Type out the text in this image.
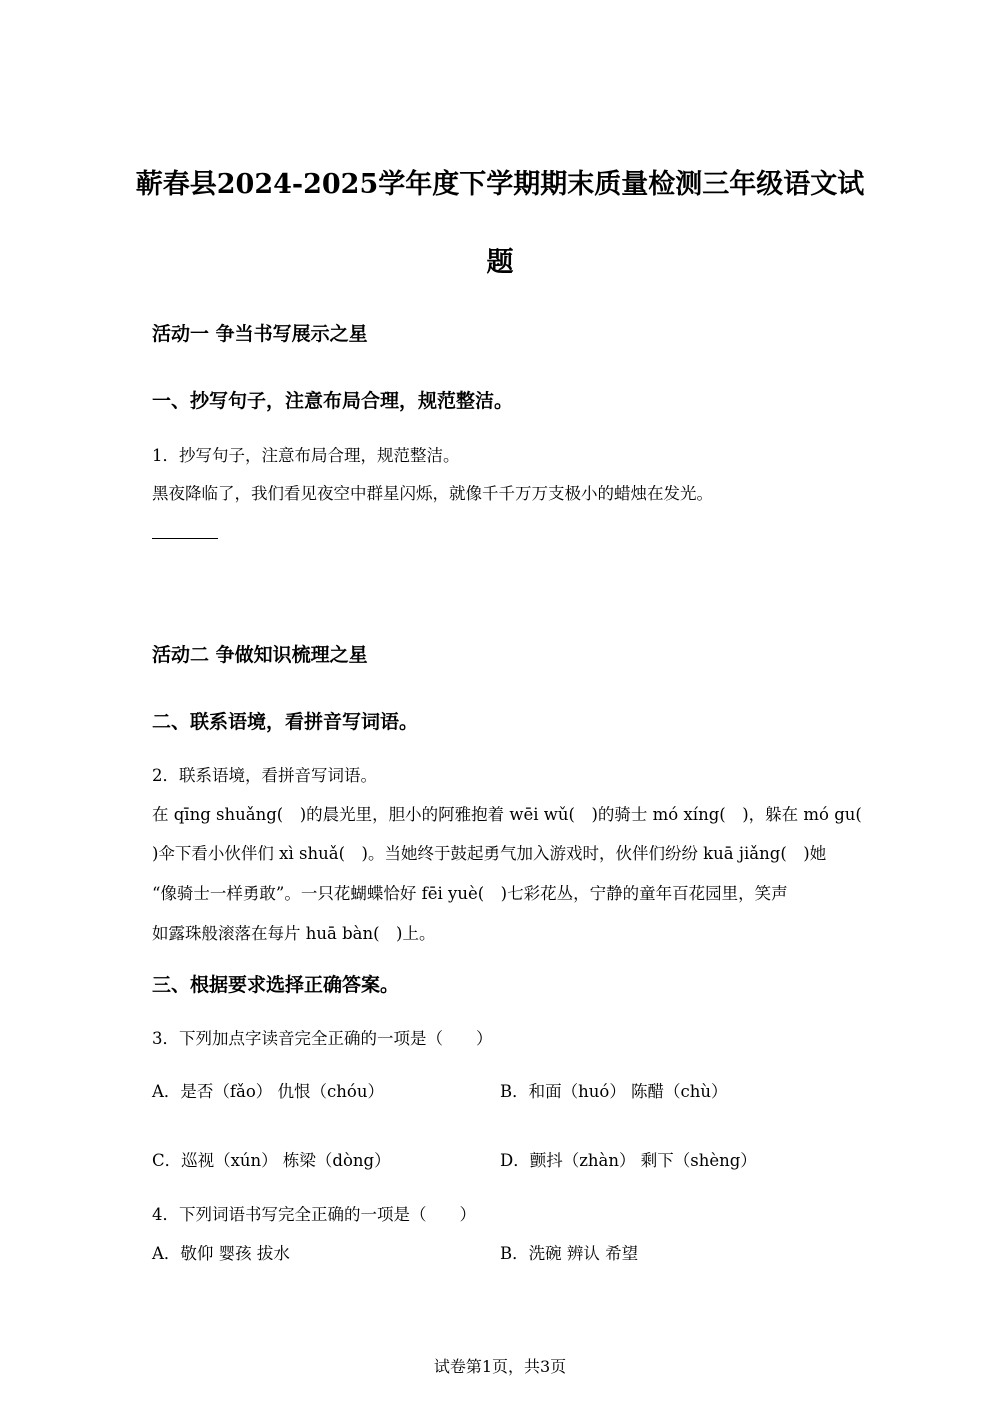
蕲春县2024-2025学年度下学期期末质量检测三年级语文试
题
活动一 争当书写展示之星
一、抄写句子，注意布局合理，规范整洁。
1．抄写句子，注意布局合理，规范整洁。
黑夜降临了，我们看见夜空中群星闪烁，就像千千万万支极小的蜡烛在发光。
活动二 争做知识梳理之星
二、联系语境，看拼音写词语。
2．联系语境，看拼音写词语。
在 qīng shuǎng(　)的晨光里，胆小的阿雅抱着 wēi wǔ(　)的骑士 mó xíng(　)，躲在 mó gu(
)伞下看小伙伴们 xì shuǎ(　)。当她终于鼓起勇气加入游戏时，伙伴们纷纷 kuā jiǎng(　)她
“像骑士一样勇敢”。一只花蝴蝶恰好 fēi yuè(　)七彩花丛，宁静的童年百花园里，笑声
如露珠般滚落在每片 huā bàn(　)上。
三、根据要求选择正确答案。
3．下列加点字读音完全正确的一项是（　　）
A．是否（fǎo） 仇恨（chóu）	B．和面（huó） 陈醋（chù）
C．巡视（xún） 栋梁（dòng）	D．颤抖（zhàn） 剩下（shèng）
4．下列词语书写完全正确的一项是（　　）
A．敬仰 婴孩 拔水	B．洗碗 辨认 希望
试卷第1页，共3页
